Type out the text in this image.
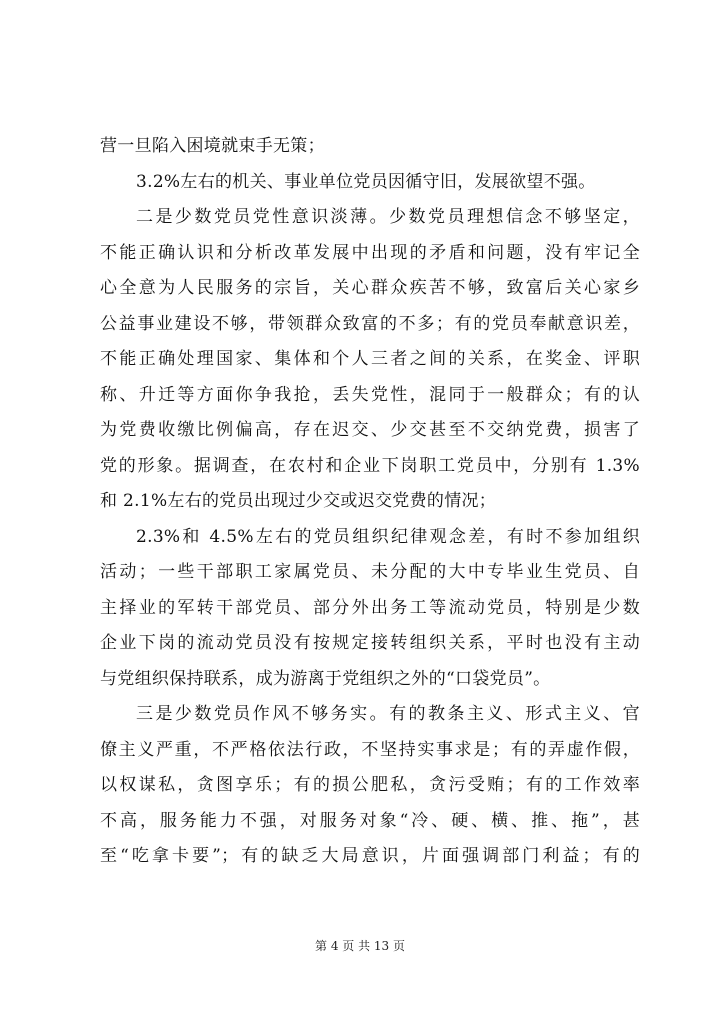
营一旦陷入困境就束手无策；
3.2%左右的机关、事业单位党员因循守旧，发展欲望不强。
二是少数党员党性意识淡薄。少数党员理想信念不够坚定，
不能正确认识和分析改革发展中出现的矛盾和问题，没有牢记全
心全意为人民服务的宗旨，关心群众疾苦不够，致富后关心家乡
公益事业建设不够，带领群众致富的不多；有的党员奉献意识差，
不能正确处理国家、集体和个人三者之间的关系，在奖金、评职
称、升迁等方面你争我抢，丢失党性，混同于一般群众；有的认
为党费收缴比例偏高，存在迟交、少交甚至不交纳党费，损害了
党的形象。据调查，在农村和企业下岗职工党员中，分别有 1.3%
和 2.1%左右的党员出现过少交或迟交党费的情况；
2.3%和 4.5%左右的党员组织纪律观念差，有时不参加组织
活动；一些干部职工家属党员、未分配的大中专毕业生党员、自
主择业的军转干部党员、部分外出务工等流动党员，特别是少数
企业下岗的流动党员没有按规定接转组织关系，平时也没有主动
与党组织保持联系，成为游离于党组织之外的“口袋党员”。
三是少数党员作风不够务实。有的教条主义、形式主义、官
僚主义严重，不严格依法行政，不坚持实事求是；有的弄虚作假，
以权谋私，贪图享乐；有的损公肥私，贪污受贿；有的工作效率
不高，服务能力不强，对服务对象“冷、硬、横、推、拖”，甚
至“吃拿卡要”；有的缺乏大局意识，片面强调部门利益；有的
第 4 页 共 13 页
